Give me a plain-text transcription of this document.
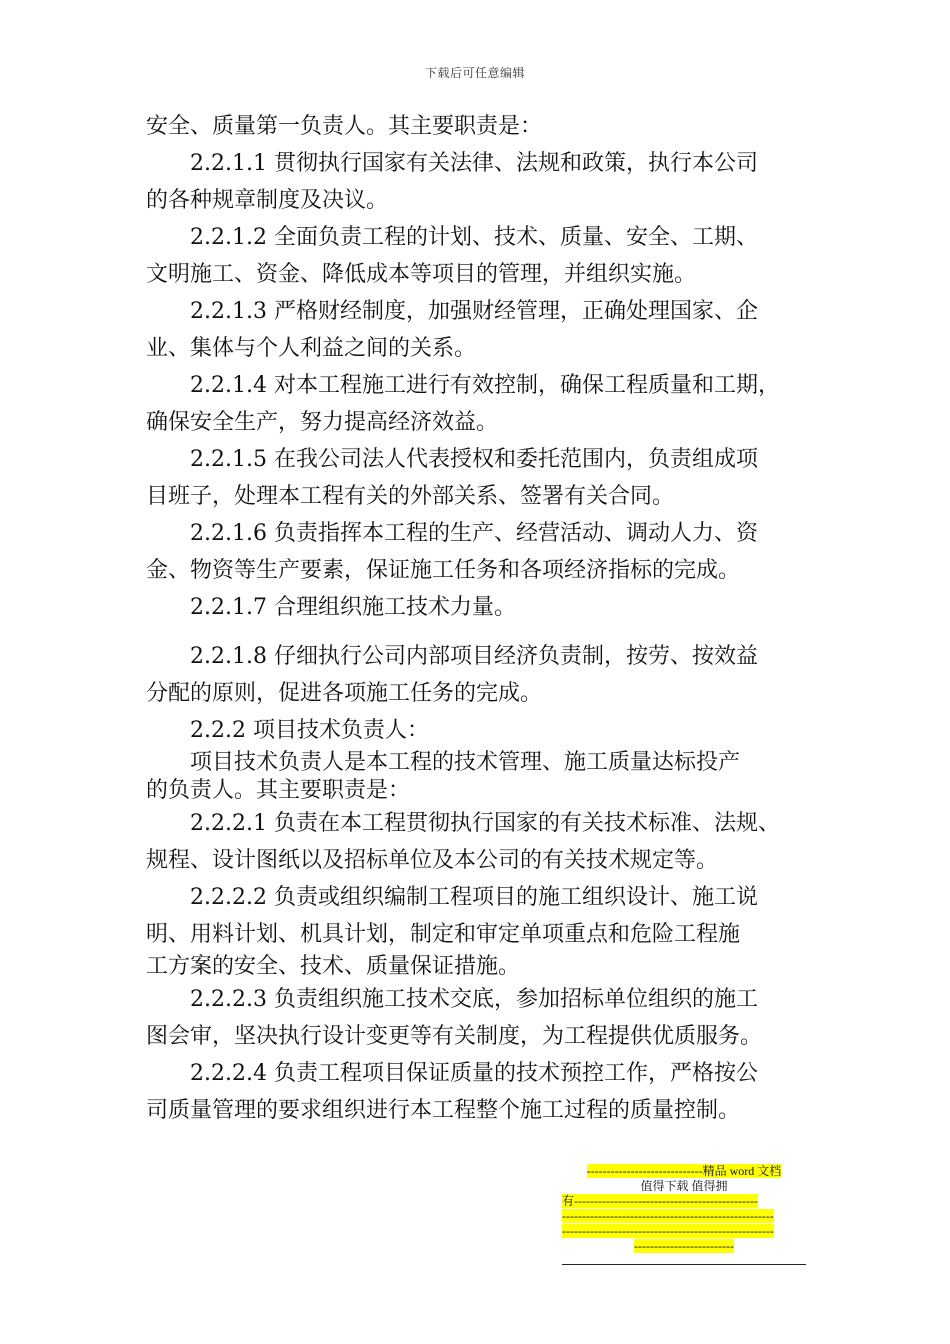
下载后可任意编辑

安全、质量第一负责人。其主要职责是：

2.2.1.1 贯彻执行国家有关法律、法规和政策，执行本公司

的各种规章制度及决议。

2.2.1.2 全面负责工程的计划、技术、质量、安全、工期、

文明施工、资金、降低成本等项目的管理，并组织实施。

2.2.1.3 严格财经制度，加强财经管理，正确处理国家、企

业、集体与个人利益之间的关系。

2.2.1.4 对本工程施工进行有效控制，确保工程质量和工期，

确保安全生产，努力提高经济效益。

2.2.1.5 在我公司法人代表授权和委托范围内，负责组成项

目班子，处理本工程有关的外部关系、签署有关合同。

2.2.1.6 负责指挥本工程的生产、经营活动、调动人力、资

金、物资等生产要素，保证施工任务和各项经济指标的完成。

2.2.1.7 合理组织施工技术力量。

2.2.1.8 仔细执行公司内部项目经济负责制，按劳、按效益

分配的原则，促进各项施工任务的完成。

2.2.2 项目技术负责人：

项目技术负责人是本工程的技术管理、施工质量达标投产

的负责人。其主要职责是：

2.2.2.1 负责在本工程贯彻执行国家的有关技术标准、法规、

规程、设计图纸以及招标单位及本公司的有关技术规定等。

2.2.2.2 负责或组织编制工程项目的施工组织设计、施工说

明、用料计划、机具计划，制定和审定单项重点和危险工程施

工方案的安全、技术、质量保证措施。

2.2.2.3 负责组织施工技术交底，参加招标单位组织的施工

图会审，坚决执行设计变更等有关制度，为工程提供优质服务。

2.2.2.4 负责工程项目保证质量的技术预控工作，严格按公

司质量管理的要求组织进行本工程整个施工过程的质量控制。

-----------------------------精品 word 文档
值得下载 值得拥
有----------------------------------------------
-----------------------------------------------------
-----------------------------------------------------
-------------------------
